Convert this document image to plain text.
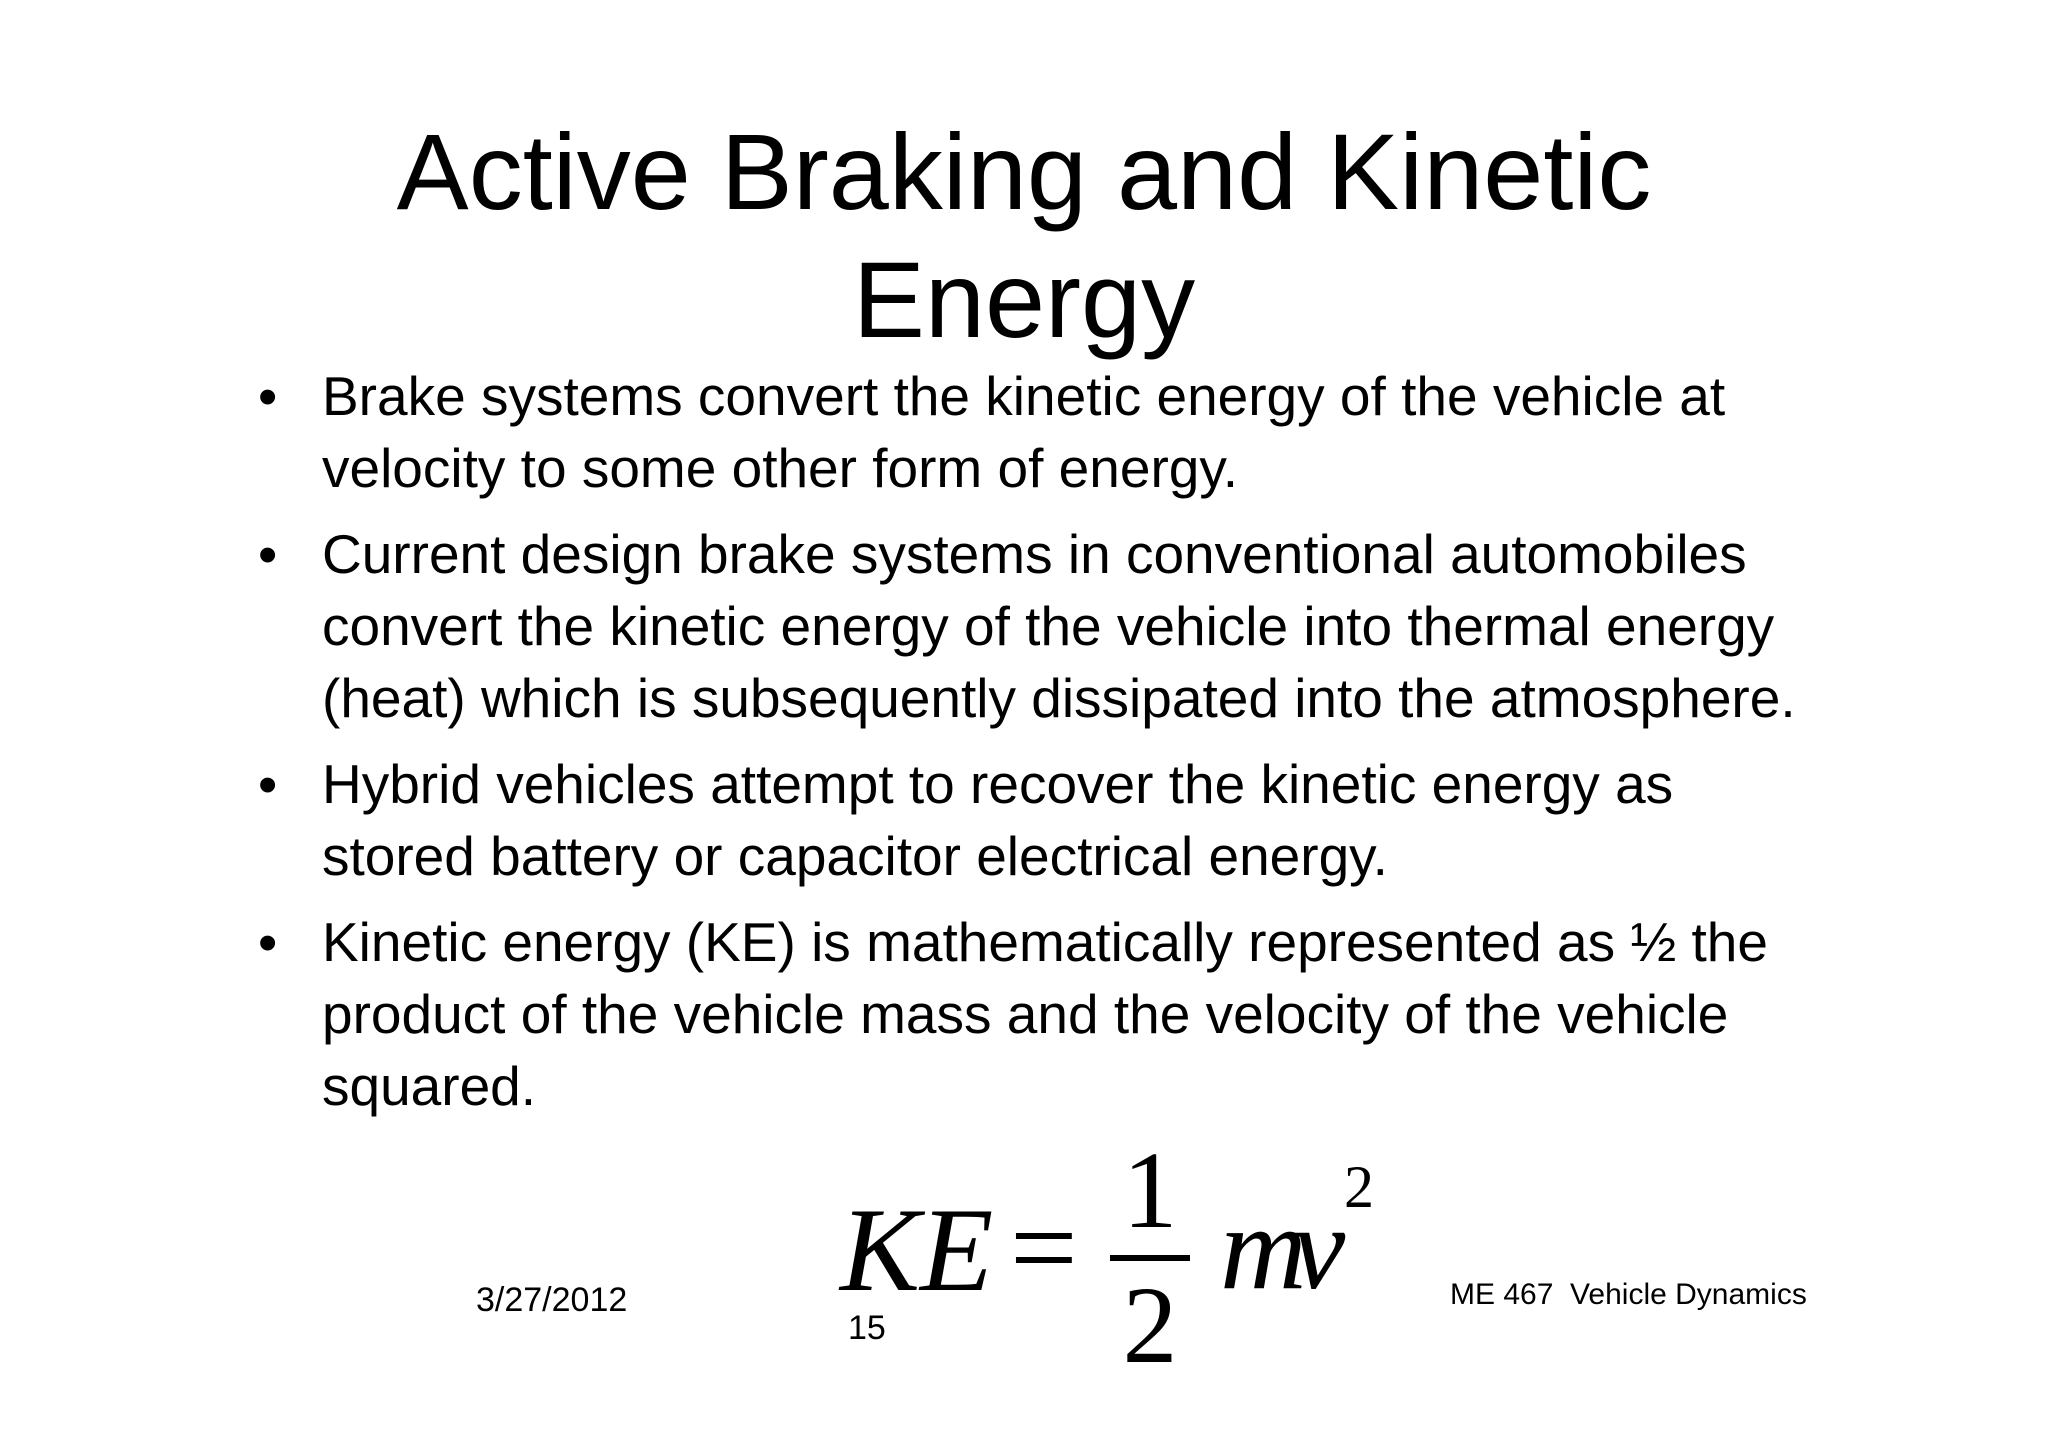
Active Braking and Kinetic
Energy
• Brake systems convert the kinetic energy of the vehicle at velocity to some other form of energy.
• Current design brake systems in conventional automobiles convert the kinetic energy of the vehicle into thermal energy (heat) which is subsequently dissipated into the atmosphere.
• Hybrid vehicles attempt to recover the kinetic energy as stored battery or capacitor electrical energy.
• Kinetic energy (KE) is mathematically represented as ½ the product of the vehicle mass and the velocity of the vehicle squared.
KE = 1
2
m
v
2
3/27/2012
15
ME 467  Vehicle Dynamics
